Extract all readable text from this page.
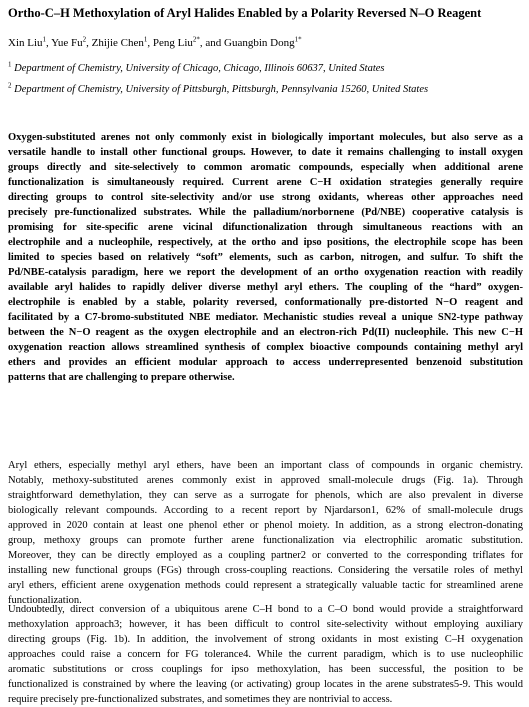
Ortho-C–H Methoxylation of Aryl Halides Enabled by a Polarity Reversed N–O Reagent
Xin Liu$^1$, Yue Fu$^2$, Zhijie Chen$^1$, Peng Liu$^{2*}$, and Guangbin Dong$^{1*}$
$^1$ Department of Chemistry, University of Chicago, Chicago, Illinois 60637, United States
$^2$ Department of Chemistry, University of Pittsburgh, Pittsburgh, Pennsylvania 15260, United States
Oxygen-substituted arenes not only commonly exist in biologically important molecules, but also serve as a
versatile handle to install other functional groups. However, to date it remains challenging to install oxygen
groups directly and site-selectively to common aromatic compounds, especially when additional arene
functionalization is simultaneously required. Current arene C−H oxidation strategies generally require
directing groups to control site-selectivity and/or use strong oxidants, whereas other approaches need
precisely pre-functionalized substrates. While the palladium/norbornene (Pd/NBE) cooperative catalysis is
promising for site-specific arene vicinal difunctionalization through simultaneous reactions with an
electrophile and a nucleophile, respectively, at the ortho and ipso positions, the electrophile scope has been
limited to species based on relatively “soft” elements, such as carbon, nitrogen, and sulfur. To shift the
Pd/NBE-catalysis paradigm, here we report the development of an ortho oxygenation reaction with readily
available aryl halides to rapidly deliver diverse methyl aryl ethers. The coupling of the “hard” oxygen-
electrophile is enabled by a stable, polarity reversed, conformationally pre-distorted N−O reagent and
facilitated by a C7-bromo-substituted NBE mediator. Mechanistic studies reveal a unique SN2-type pathway
between the N−O reagent as the oxygen electrophile and an electron-rich Pd(II) nucleophile. This new C−H
oxygenation reaction allows streamlined synthesis of complex bioactive compounds containing methyl aryl
ethers and provides an efficient modular approach to access underrepresented benzenoid substitution
patterns that are challenging to prepare otherwise.
Aryl ethers, especially methyl aryl ethers, have been an important class of compounds in organic chemistry.
Notably, methoxy-substituted arenes commonly exist in approved small-molecule drugs (Fig. 1a). Through
straightforward demethylation, they can serve as a surrogate for phenols, which are also prevalent in diverse
biologically relevant compounds. According to a recent report by Njardarson1, 62% of small-molecule drugs
approved in 2020 contain at least one phenol ether or phenol moiety. In addition, as a strong electron-donating
group, methoxy groups can promote further arene functionalization via electrophilic aromatic substitution.
Moreover, they can be directly employed as a coupling partner2 or converted to the corresponding triflates for
installing new functional groups (FGs) through cross-coupling reactions. Considering the versatile roles of methyl
aryl ethers, efficient arene oxygenation methods could represent a strategically valuable tactic for streamlined arene
functionalization.
Undoubtedly, direct conversion of a ubiquitous arene C–H bond to a C–O bond would provide a straightforward
methoxylation approach3; however, it has been difficult to control site-selectivity without employing auxiliary
directing groups (Fig. 1b). In addition, the involvement of strong oxidants in most existing C–H oxygenation
approaches could raise a concern for FG tolerance4. While the current paradigm, which is to use nucleophilic
aromatic substitutions or cross couplings for ipso methoxylation, has been successful, the position to be
functionalized is constrained by where the leaving (or activating) group locates in the arene substrates5-9. This would
require precisely pre-functionalized substrates, and sometimes they are nontrivial to access.
